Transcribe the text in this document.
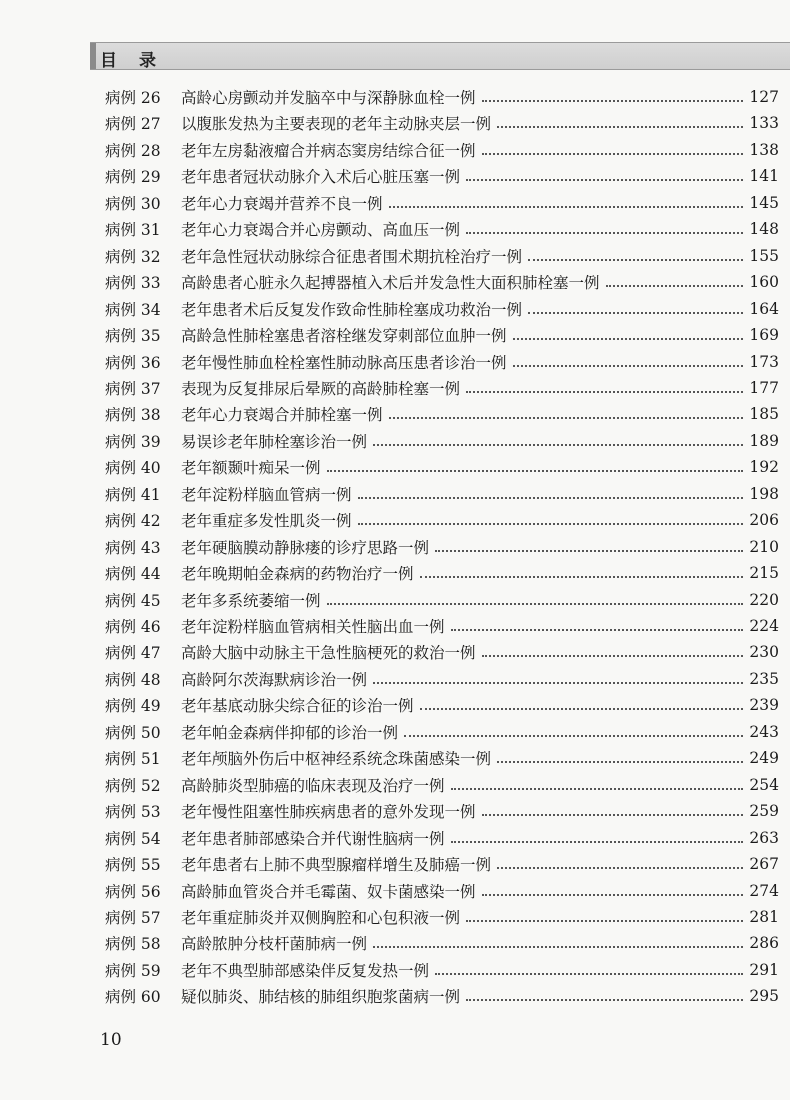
目录
病例 26	高龄心房颤动并发脑卒中与深静脉血栓一例	127
病例 27	以腹胀发热为主要表现的老年主动脉夹层一例	133
病例 28	老年左房黏液瘤合并病态窦房结综合征一例	138
病例 29	老年患者冠状动脉介入术后心脏压塞一例	141
病例 30	老年心力衰竭并营养不良一例	145
病例 31	老年心力衰竭合并心房颤动、高血压一例	148
病例 32	老年急性冠状动脉综合征患者围术期抗栓治疗一例	155
病例 33	高龄患者心脏永久起搏器植入术后并发急性大面积肺栓塞一例	160
病例 34	老年患者术后反复发作致命性肺栓塞成功救治一例	164
病例 35	高龄急性肺栓塞患者溶栓继发穿刺部位血肿一例	169
病例 36	老年慢性肺血栓栓塞性肺动脉高压患者诊治一例	173
病例 37	表现为反复排尿后晕厥的高龄肺栓塞一例	177
病例 38	老年心力衰竭合并肺栓塞一例	185
病例 39	易误诊老年肺栓塞诊治一例	189
病例 40	老年额颞叶痴呆一例	192
病例 41	老年淀粉样脑血管病一例	198
病例 42	老年重症多发性肌炎一例	206
病例 43	老年硬脑膜动静脉瘘的诊疗思路一例	210
病例 44	老年晚期帕金森病的药物治疗一例	215
病例 45	老年多系统萎缩一例	220
病例 46	老年淀粉样脑血管病相关性脑出血一例	224
病例 47	高龄大脑中动脉主干急性脑梗死的救治一例	230
病例 48	高龄阿尔茨海默病诊治一例	235
病例 49	老年基底动脉尖综合征的诊治一例	239
病例 50	老年帕金森病伴抑郁的诊治一例	243
病例 51	老年颅脑外伤后中枢神经系统念珠菌感染一例	249
病例 52	高龄肺炎型肺癌的临床表现及治疗一例	254
病例 53	老年慢性阻塞性肺疾病患者的意外发现一例	259
病例 54	老年患者肺部感染合并代谢性脑病一例	263
病例 55	老年患者右上肺不典型腺瘤样增生及肺癌一例	267
病例 56	高龄肺血管炎合并毛霉菌、奴卡菌感染一例	274
病例 57	老年重症肺炎并双侧胸腔和心包积液一例	281
病例 58	高龄脓肿分枝杆菌肺病一例	286
病例 59	老年不典型肺部感染伴反复发热一例	291
病例 60	疑似肺炎、肺结核的肺组织胞浆菌病一例	295
10
